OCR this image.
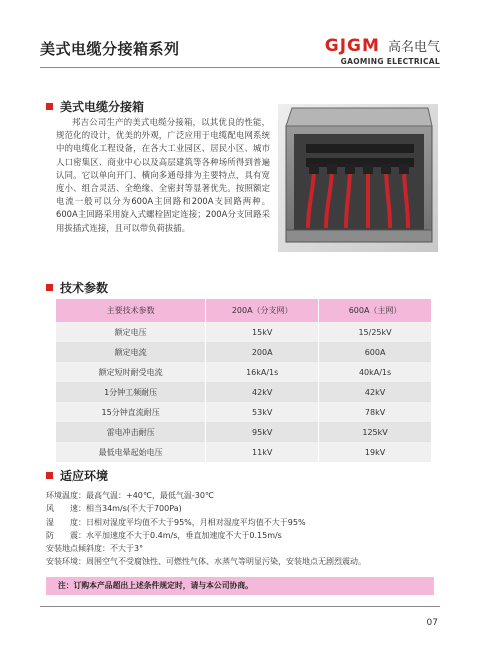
美式电缆分接箱系列	GJGM 高名电气
GAOMING ELECTRICAL
美式电缆分接箱

邦吉公司生产的美式电缆分接箱，以其优良的性能，规范化的设计，优美的外观，广泛应用于电缆配电网系统中的电缆化工程设备，在各大工业园区、居民小区、城市人口密集区、商业中心以及高层建筑等各种场所得到普遍认同。它以单向开门、横向多通母排为主要特点，具有宽度小、组合灵活、全绝缘、全密封等显著优先。按照额定电流一般可以分为600A主回路和200A支回路两种。600A主回路采用旋入式螺栓固定连接；200A分支回路采用拔插式连接，且可以带负荷拔插。

技术参数
主要技术参数	200A（分支网）	600A（主网）
额定电压	15kV	15/25kV
额定电流	200A	600A
额定短时耐受电流	16kA/1s	40kA/1s
1分钟工频耐压	42kV	42kV
15分钟直流耐压	53kV	78kV
雷电冲击耐压	95kV	125kV
最低电晕起始电压	11kV	19kV
适应环境
环境温度：最高气温：+40℃，最低气温-30℃
风　　速：相当34m/s(不大于700Pa)
湿　　度：日相对湿度平均值不大于95%，月相对湿度平均值不大于95%
防　　震：水平加速度不大于0.4m/s，垂直加速度不大于0.15m/s
安装地点倾斜度：不大于3°
安装环境：周围空气不受腐蚀性、可燃性气体、水蒸气等明显污染，安装地点无剧烈震动。
注：订购本产品超出上述条件规定时，请与本公司协商。
07
